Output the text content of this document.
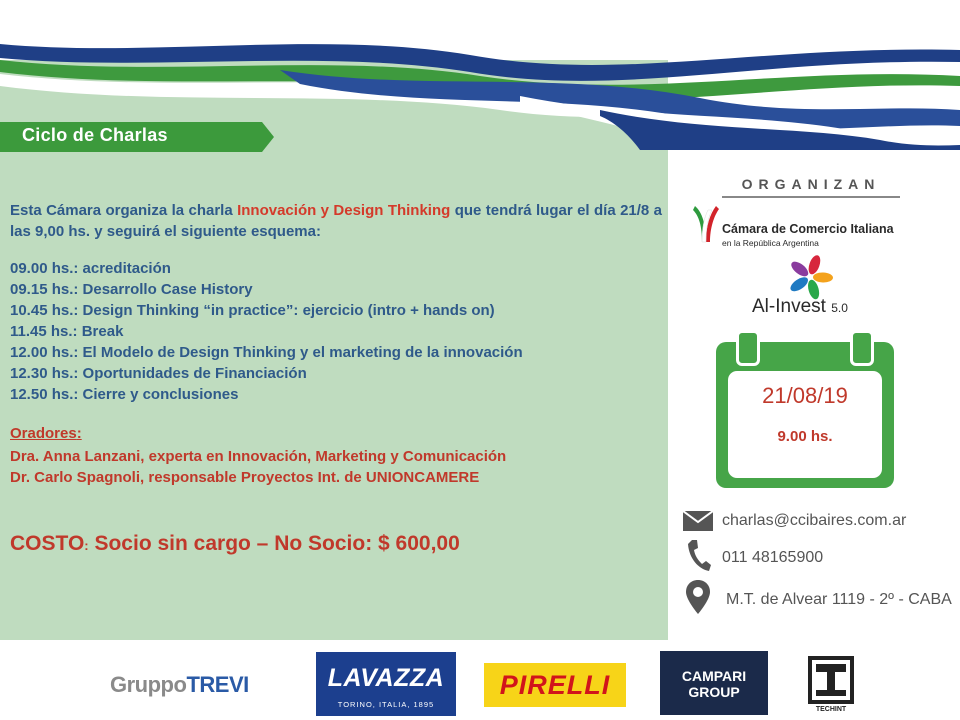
Ciclo de Charlas
Esta Cámara organiza la charla Innovación y Design Thinking que tendrá lugar el día 21/8 a las 9,00 hs. y seguirá el siguiente esquema:
09.00 hs.: acreditación
09.15 hs.: Desarrollo Case History
10.45 hs.: Design Thinking “in practice”: ejercicio (intro + hands on)
11.45 hs.: Break
12.00 hs.: El Modelo de Design Thinking y el marketing de la innovación
12.30 hs.: Oportunidades de Financiación
12.50 hs.: Cierre y conclusiones
Oradores:
Dra. Anna Lanzani, experta en Innovación, Marketing y Comunicación
Dr. Carlo Spagnoli, responsable Proyectos Int. de UNIONCAMERE
COSTO: Socio sin cargo – No Socio: $ 600,00
ORGANIZAN
Cámara de Comercio Italiana
en la República Argentina
Al-Invest 5.0
21/08/19
9.00 hs.
charlas@ccibaires.com.ar
011 48165900
M.T. de Alvear 1119 - 2º - CABA
GruppoTREVI	LAVAZZA
TORINO, ITALIA, 1895
PIRELLI	CAMPARI
GROUP
TECHINT
